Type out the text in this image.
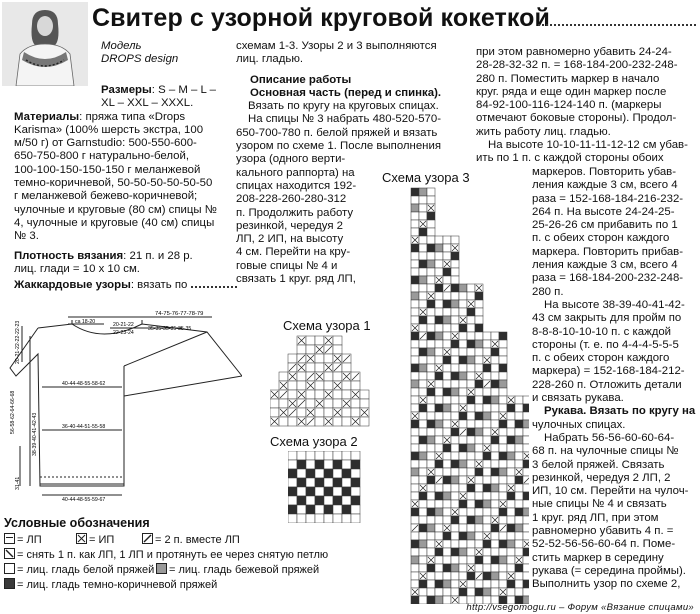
Свитер с узорной круговой кокеткой

Модель

DROPS design

Размеры: S – M – L –

XL – XXL – XXXL.

Материалы: пряжа типа «Drops

Karisma» (100% шерсть экстра, 100

м/50 г) от Garnstudio: 500-550-600-

650-750-800 г натурально-белой,

100-100-150-150-150 г меланжевой

темно-коричневой, 50-50-50-50-50-50

г меланжевой бежево-коричневой;

чулочные и круговые (80 см) спицы №

4, чулочные и круговые (40 см) спицы

№ 3.

Плотность вязания: 21 п. и 28 р.

лиц. глади = 10 х 10 см.

Жаккардовые узоры: вязать по

74-75-76-77-78-79
ca 18-20	20-21-22
22-23-24
35-35-35-35-35-35
40-44-48-55-58-62
36-40-44-51-55-58
40-44-48-55-59-67
20-21-22-22-22-23
56-58-62-64-66-68
38-39-40-41-42-43
31-41

схемам 1-3. Узоры 2 и 3 выполняются

лиц. гладью.

Описание работы

Основная часть (перед и спинка).

Вязать по кругу на круговых спицах.

На спицы № 3 набрать 480-520-570-

650-700-780 п. белой пряжей и вязать

узором по схеме 1. После выполнения

узора (одного верти-

кального раппорта) на

спицах находится 192-

208-228-260-280-312

п. Продолжить работу

резинкой, чередуя 2

ЛП, 2 ИП, на высоту

4 см. Перейти на кру-

говые спицы № 4 и

связать 1 круг. ряд ЛП,

Схема узора 1
Схема узора 2
Схема узора 3

при этом равномерно убавить 24-24-

28-28-32-32 п. = 168-184-200-232-248-

280 п. Поместить маркер в начало

круг. ряда и еще один маркер после

84-92-100-116-124-140 п. (маркеры

отмечают боковые стороны). Продол-

жить работу лиц. гладью.

На высоте 10-10-11-11-12-12 см убав-

ить по 1 п. с каждой стороны обоих

маркеров. Повторить убав-

ления каждые 3 см, всего 4

раза = 152-168-184-216-232-

264 п. На высоте 24-24-25-

25-26-26 см прибавить по 1

п. с обеих сторон каждого

маркера. Повторить прибав-

ления каждые 3 см, всего 4

раза = 168-184-200-232-248-

280 п.

На высоте 38-39-40-41-42-

43 см закрыть для пройм по

8-8-8-10-10-10 п. с каждой

стороны (т. е. по 4-4-4-5-5-5

п. с обеих сторон каждого

маркера) = 152-168-184-212-

228-260 п. Отложить детали

и связать рукава.

Рукава. Вязать по кругу на

чулочных спицах.

Набрать 56-56-60-60-64-

68 п. на чулочные спицы №

3 белой пряжей. Связать

резинкой, чередуя 2 ЛП, 2

ИП, 10 см. Перейти на чулоч-

ные спицы № 4 и связать

1 круг. ряд ЛП, при этом

равномерно убавить 4 п. =

52-52-56-56-60-64 п. Поме-

стить маркер в середину

рукава (= середина проймы).

Выполнить узор по схеме 2,

Условные обозначения
= ЛП	= ИП	= 2 п. вместе ЛП
= снять 1 п. как ЛП, 1 ЛП и протянуть ее через снятую петлю
= лиц. гладь белой пряжей	= лиц. гладь бежевой пряжей
= лиц. гладь темно-коричневой пряжей
http://vsegomogu.ru – Форум «Вязание спицами»
